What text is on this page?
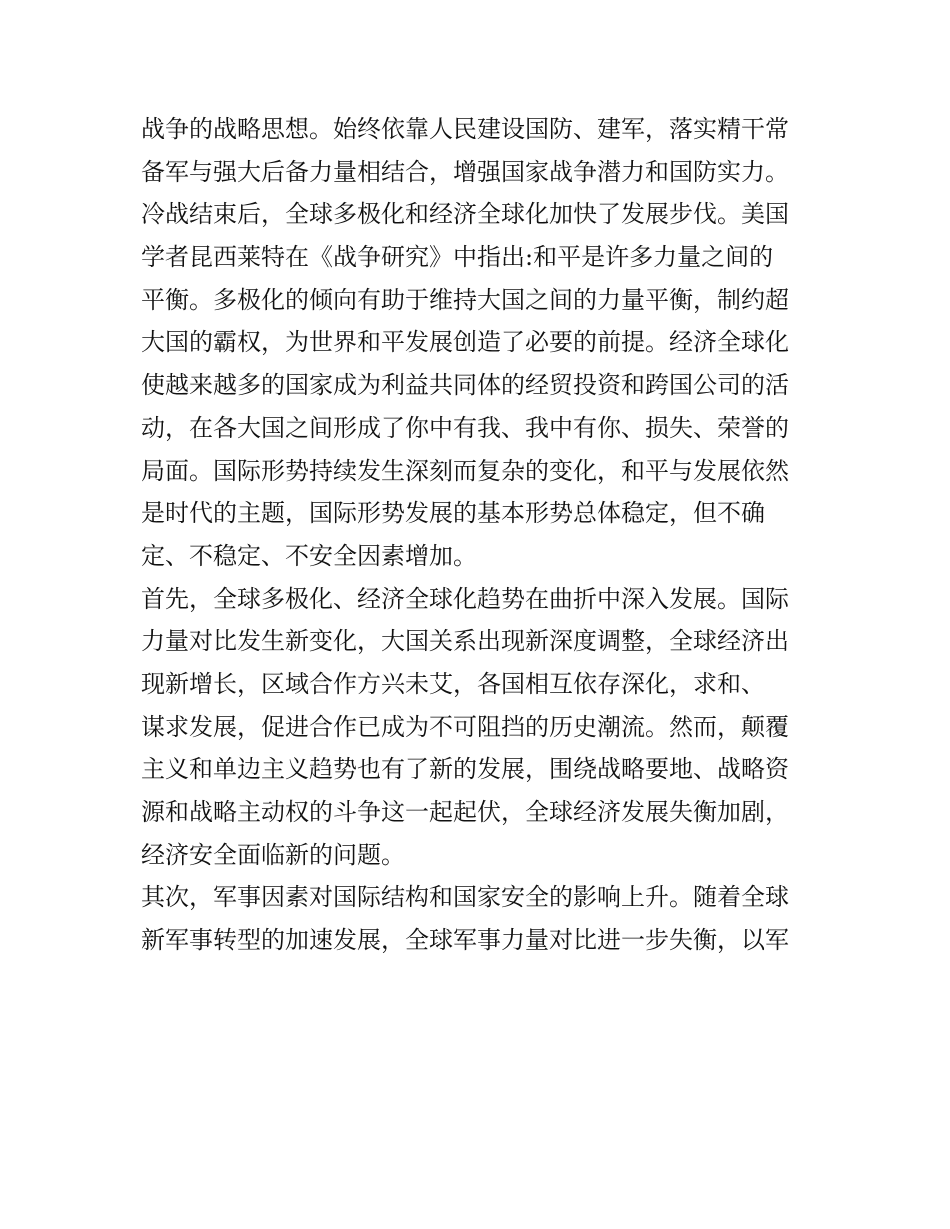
战争的战略思想。始终依靠人民建设国防、建军，落实精干常
备军与强大后备力量相结合，增强国家战争潜力和国防实力。
冷战结束后，全球多极化和经济全球化加快了发展步伐。美国
学者昆西莱特在《战争研究》中指出:和平是许多力量之间的
平衡。多极化的倾向有助于维持大国之间的力量平衡，制约超
大国的霸权，为世界和平发展创造了必要的前提。经济全球化
使越来越多的国家成为利益共同体的经贸投资和跨国公司的活
动，在各大国之间形成了你中有我、我中有你、损失、荣誉的
局面。国际形势持续发生深刻而复杂的变化，和平与发展依然
是时代的主题，国际形势发展的基本形势总体稳定，但不确
定、不稳定、不安全因素增加。
首先，全球多极化、经济全球化趋势在曲折中深入发展。国际
力量对比发生新变化，大国关系出现新深度调整，全球经济出
现新增长，区域合作方兴未艾，各国相互依存深化，求和、
谋求发展，促进合作已成为不可阻挡的历史潮流。然而，颠覆
主义和单边主义趋势也有了新的发展，围绕战略要地、战略资
源和战略主动权的斗争这一起起伏，全球经济发展失衡加剧，
经济安全面临新的问题。
其次，军事因素对国际结构和国家安全的影响上升。随着全球
新军事转型的加速发展，全球军事力量对比进一步失衡，以军
